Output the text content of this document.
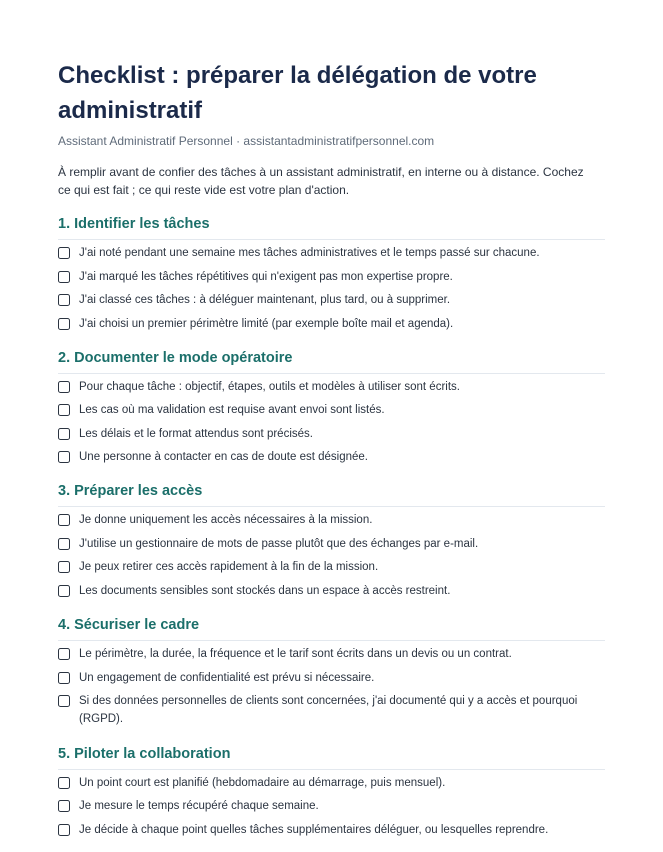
Checklist : préparer la délégation de votre administratif

Assistant Administratif Personnel · assistantadministratifpersonnel.com

À remplir avant de confier des tâches à un assistant administratif, en interne ou à distance. Cochez ce qui est fait ; ce qui reste vide est votre plan d'action.

1. Identifier les tâches
J'ai noté pendant une semaine mes tâches administratives et le temps passé sur chacune.
J'ai marqué les tâches répétitives qui n'exigent pas mon expertise propre.
J'ai classé ces tâches : à déléguer maintenant, plus tard, ou à supprimer.
J'ai choisi un premier périmètre limité (par exemple boîte mail et agenda).
2. Documenter le mode opératoire
Pour chaque tâche : objectif, étapes, outils et modèles à utiliser sont écrits.
Les cas où ma validation est requise avant envoi sont listés.
Les délais et le format attendus sont précisés.
Une personne à contacter en cas de doute est désignée.
3. Préparer les accès
Je donne uniquement les accès nécessaires à la mission.
J'utilise un gestionnaire de mots de passe plutôt que des échanges par e-mail.
Je peux retirer ces accès rapidement à la fin de la mission.
Les documents sensibles sont stockés dans un espace à accès restreint.
4. Sécuriser le cadre
Le périmètre, la durée, la fréquence et le tarif sont écrits dans un devis ou un contrat.
Un engagement de confidentialité est prévu si nécessaire.
Si des données personnelles de clients sont concernées, j'ai documenté qui y a accès et pourquoi (RGPD).
5. Piloter la collaboration
Un point court est planifié (hebdomadaire au démarrage, puis mensuel).
Je mesure le temps récupéré chaque semaine.
Je décide à chaque point quelles tâches supplémentaires déléguer, ou lesquelles reprendre.
